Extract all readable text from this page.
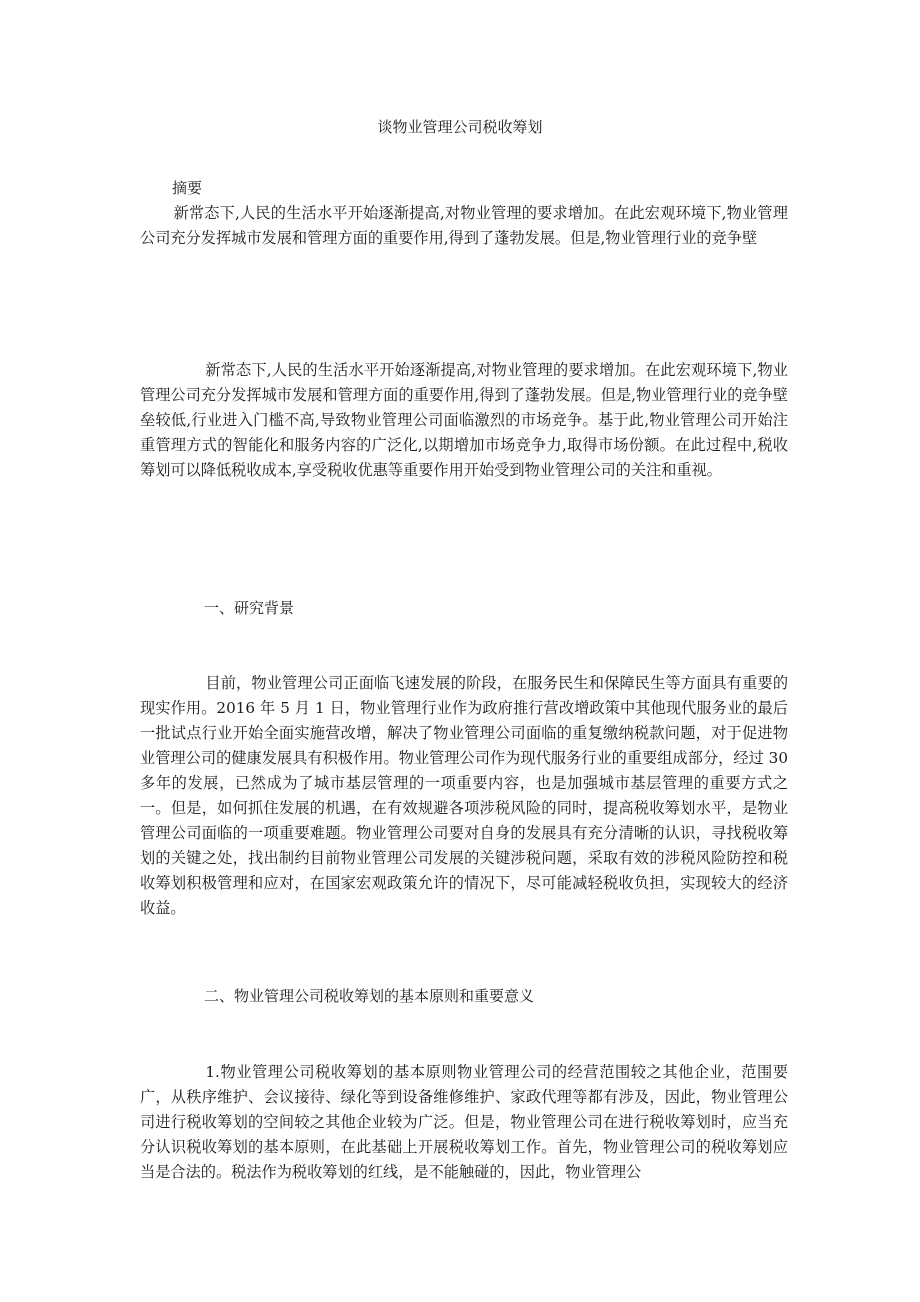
谈物业管理公司税收筹划
摘要
新常态下,人民的生活水平开始逐渐提高,对物业管理的要求增加。在此宏观环境下,物业管理公司充分发挥城市发展和管理方面的重要作用,得到了蓬勃发展。但是,物业管理行业的竞争壁
新常态下,人民的生活水平开始逐渐提高,对物业管理的要求增加。在此宏观环境下,物业管理公司充分发挥城市发展和管理方面的重要作用,得到了蓬勃发展。但是,物业管理行业的竞争壁垒较低,行业进入门槛不高,导致物业管理公司面临激烈的市场竞争。基于此,物业管理公司开始注重管理方式的智能化和服务内容的广泛化,以期增加市场竞争力,取得市场份额。在此过程中,税收筹划可以降低税收成本,享受税收优惠等重要作用开始受到物业管理公司的关注和重视。
一、研究背景
目前，物业管理公司正面临飞速发展的阶段，在服务民生和保障民生等方面具有重要的现实作用。2016 年 5 月 1 日，物业管理行业作为政府推行营改增政策中其他现代服务业的最后一批试点行业开始全面实施营改增，解决了物业管理公司面临的重复缴纳税款问题，对于促进物业管理公司的健康发展具有积极作用。物业管理公司作为现代服务行业的重要组成部分，经过 30 多年的发展，已然成为了城市基层管理的一项重要内容，也是加强城市基层管理的重要方式之一。但是，如何抓住发展的机遇，在有效规避各项涉税风险的同时，提高税收筹划水平，是物业管理公司面临的一项重要难题。物业管理公司要对自身的发展具有充分清晰的认识，寻找税收筹划的关键之处，找出制约目前物业管理公司发展的关键涉税问题，采取有效的涉税风险防控和税收筹划积极管理和应对，在国家宏观政策允许的情况下，尽可能减轻税收负担，实现较大的经济收益。
二、物业管理公司税收筹划的基本原则和重要意义
1.物业管理公司税收筹划的基本原则物业管理公司的经营范围较之其他企业，范围要广，从秩序维护、会议接待、绿化等到设备维修维护、家政代理等都有涉及，因此，物业管理公司进行税收筹划的空间较之其他企业较为广泛。但是，物业管理公司在进行税收筹划时，应当充分认识税收筹划的基本原则，在此基础上开展税收筹划工作。首先，物业管理公司的税收筹划应当是合法的。税法作为税收筹划的红线，是不能触碰的，因此，物业管理公
